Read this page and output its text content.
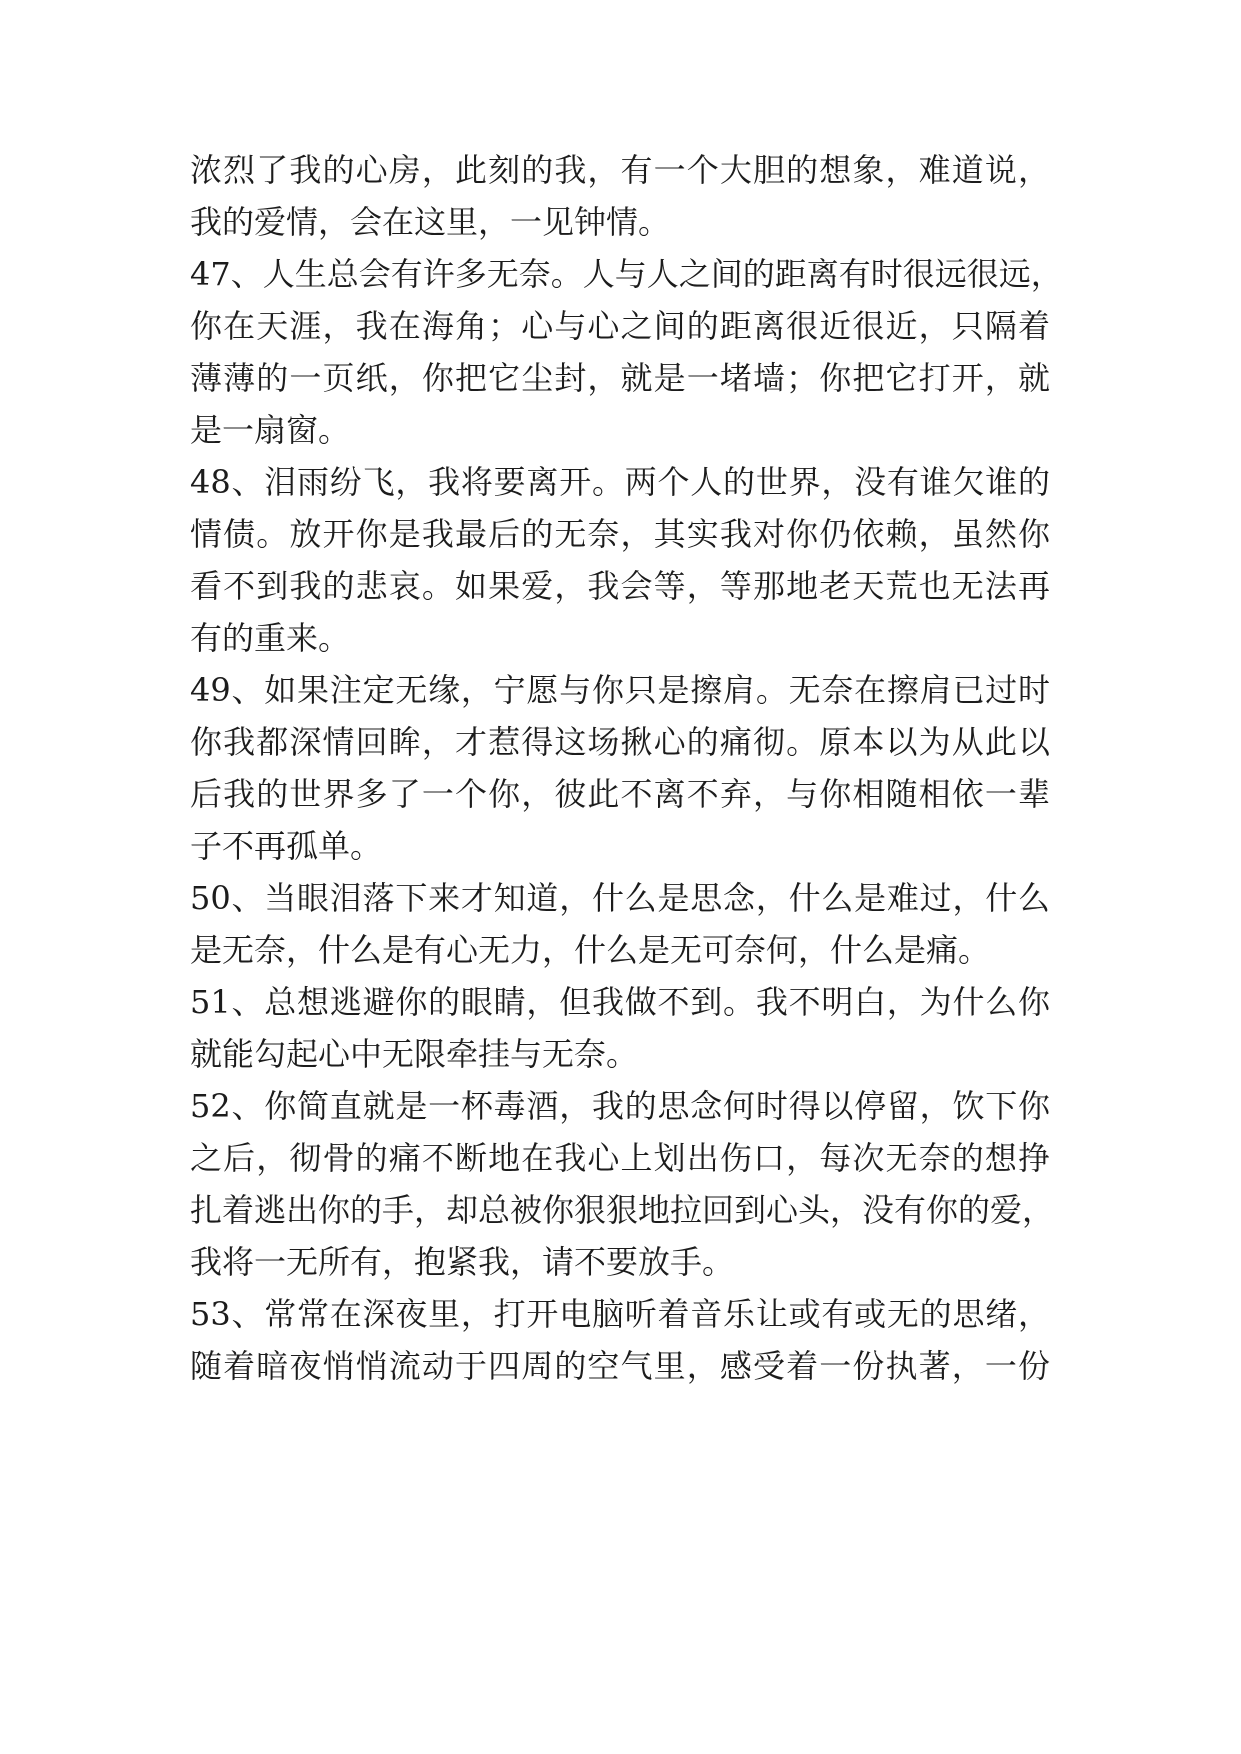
浓烈了我的心房，此刻的我，有一个大胆的想象，难道说，
我的爱情，会在这里，一见钟情。
47、人生总会有许多无奈。人与人之间的距离有时很远很远，
你在天涯，我在海角；心与心之间的距离很近很近，只隔着
薄薄的一页纸，你把它尘封，就是一堵墙；你把它打开，就
是一扇窗。
48、泪雨纷飞，我将要离开。两个人的世界，没有谁欠谁的
情债。放开你是我最后的无奈，其实我对你仍依赖，虽然你
看不到我的悲哀。如果爱，我会等，等那地老天荒也无法再
有的重来。
49、如果注定无缘，宁愿与你只是擦肩。无奈在擦肩已过时
你我都深情回眸，才惹得这场揪心的痛彻。原本以为从此以
后我的世界多了一个你，彼此不离不弃，与你相随相依一辈
子不再孤单。
50、当眼泪落下来才知道，什么是思念，什么是难过，什么
是无奈，什么是有心无力，什么是无可奈何，什么是痛。
51、总想逃避你的眼睛，但我做不到。我不明白，为什么你
就能勾起心中无限牵挂与无奈。
52、你简直就是一杯毒酒，我的思念何时得以停留，饮下你
之后，彻骨的痛不断地在我心上划出伤口，每次无奈的想挣
扎着逃出你的手，却总被你狠狠地拉回到心头，没有你的爱，
我将一无所有，抱紧我，请不要放手。
53、常常在深夜里，打开电脑听着音乐让或有或无的思绪，
随着暗夜悄悄流动于四周的空气里，感受着一份执著，一份
